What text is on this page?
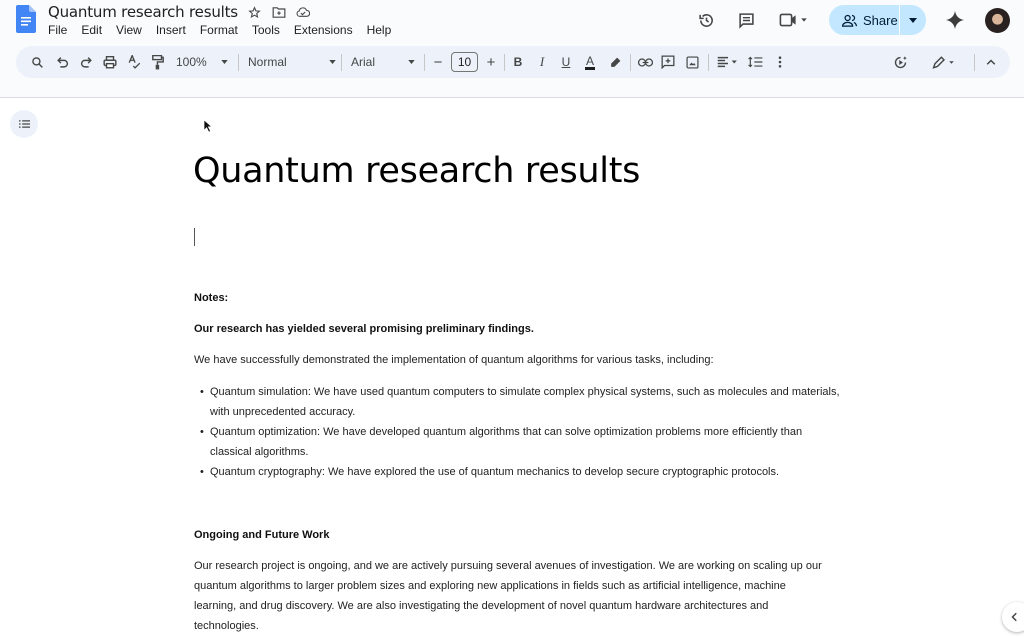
Quantum research results
File Edit View Insert Format Tools Extensions Help
Share
100%	Normal	Arial	−	10	+	B	I	U	A
Quantum research results
Notes:
Our research has yielded several promising preliminary findings.
We have successfully demonstrated the implementation of quantum algorithms for various tasks, including:
• Quantum simulation: We have used quantum computers to simulate complex physical systems, such as molecules and materials, with unprecedented accuracy.
• Quantum optimization: We have developed quantum algorithms that can solve optimization problems more efficiently than classical algorithms.
• Quantum cryptography: We have explored the use of quantum mechanics to develop secure cryptographic protocols.
Ongoing and Future Work
Our research project is ongoing, and we are actively pursuing several avenues of investigation. We are working on scaling up our quantum algorithms to larger problem sizes and exploring new applications in fields such as artificial intelligence, machine learning, and drug discovery. We are also investigating the development of novel quantum hardware architectures and technologies.
